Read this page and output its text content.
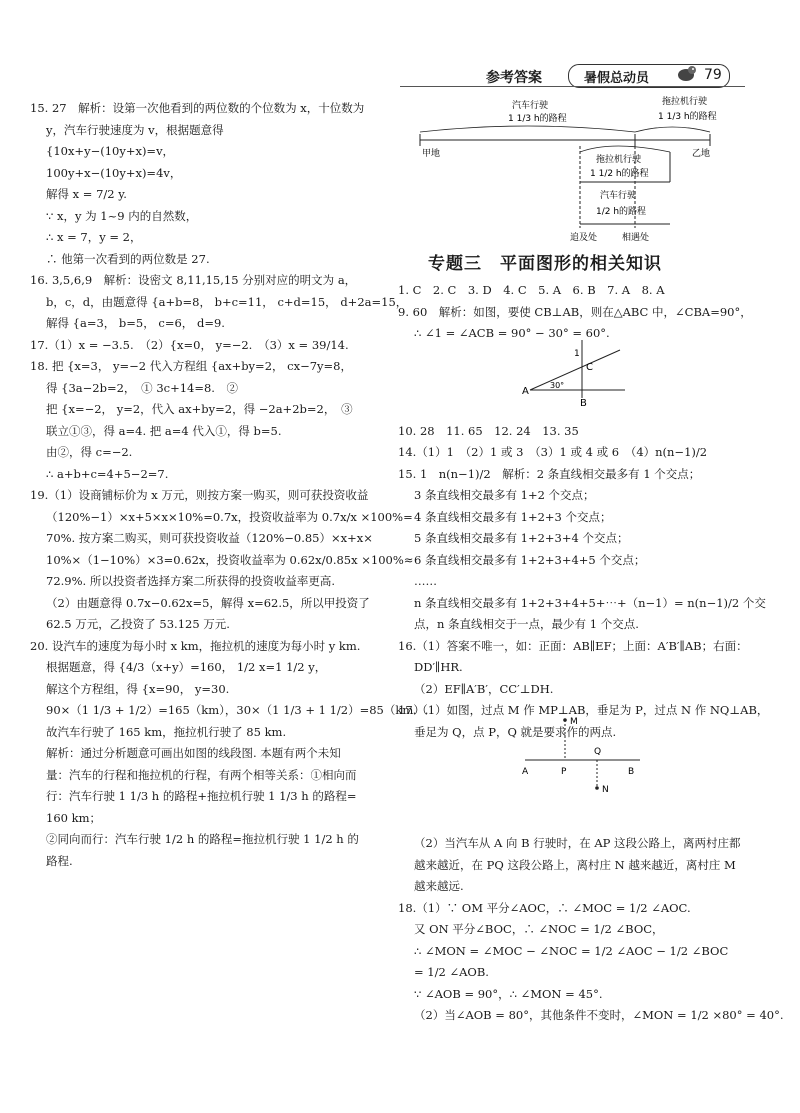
参考答案	暑假总动员	79
汽车行驶
1 1/3 h的路程
拖拉机行驶
1 1/3 h的路程
甲地	乙地
拖拉机行驶
1 1/2 h的路程
汽车行驶
1/2 h的路程
追及处	相遇处
专题三　平面图形的相关知识

15. 27　解析：设第一次他看到的两位数的个位数为 x，十位数为

y，汽车行驶速度为 v，根据题意得

{10x+y−(10y+x)=v，

100y+x−(10y+x)=4v，

解得 x = 7/2 y.

∵ x，y 为 1~9 内的自然数，

∴ x = 7，y = 2，

∴ 他第一次看到的两位数是 27.

16. 3,5,6,9　解析：设密文 8,11,15,15 分别对应的明文为 a，

b，c，d，由题意得 {a+b=8， b+c=11， c+d=15， d+2a=15，

解得 {a=3， b=5， c=6， d=9.

17.（1）x = −3.5.　（2）{x=0， y=−2.　（3）x = 39/14.

18. 把 {x=3， y=−2 代入方程组 {ax+by=2， cx−7y=8，

得 {3a−2b=2，　① 3c+14=8.　②

把 {x=−2， y=2，代入 ax+by=2，得 −2a+2b=2，　③

联立①③，得 a=4. 把 a=4 代入①，得 b=5.

由②，得 c=−2.

∴ a+b+c=4+5−2=7.

19.（1）设商铺标价为 x 万元，则按方案一购买，则可获投资收益

（120%−1）×x+5×x×10%=0.7x，投资收益率为 0.7x/x ×100%=

70%. 按方案二购买，则可获投资收益（120%−0.85）×x+x×

10%×（1−10%）×3=0.62x，投资收益率为 0.62x/0.85x ×100%≈

72.9%. 所以投资者选择方案二所获得的投资收益率更高.

（2）由题意得 0.7x−0.62x=5，解得 x=62.5，所以甲投资了

62.5 万元，乙投资了 53.125 万元.

20. 设汽车的速度为每小时 x km，拖拉机的速度为每小时 y km.

根据题意，得 {4/3（x+y）=160， 1/2 x=1 1/2 y，

解这个方程组，得 {x=90， y=30.

90×（1 1/3 + 1/2）=165（km），30×（1 1/3 + 1 1/2）=85（km）.

故汽车行驶了 165 km，拖拉机行驶了 85 km.

解析：通过分析题意可画出如图的线段图. 本题有两个未知

量：汽车的行程和拖拉机的行程，有两个相等关系：①相向而

行：汽车行驶 1 1/3 h 的路程+拖拉机行驶 1 1/3 h 的路程=

160 km；

②同向而行：汽车行驶 1/2 h 的路程=拖拉机行驶 1 1/2 h 的

路程.

1. C　2. C　3. D　4. C　5. A　6. B　7. A　8. A

9. 60　解析：如图，要使 CB⊥AB，则在△ABC 中，∠CBA=90°，

∴ ∠1 = ∠ACB = 90° − 30° = 60°.

10. 28　11. 65　12. 24　13. 35

14.（1）1　（2）1 或 3　（3）1 或 4 或 6　（4）n(n−1)/2

15. 1　n(n−1)/2　解析：2 条直线相交最多有 1 个交点；

3 条直线相交最多有 1+2 个交点；

4 条直线相交最多有 1+2+3 个交点；

5 条直线相交最多有 1+2+3+4 个交点；

6 条直线相交最多有 1+2+3+4+5 个交点；

……

n 条直线相交最多有 1+2+3+4+5+⋯+（n−1）= n(n−1)/2 个交

点，n 条直线相交于一点，最少有 1 个交点.

16.（1）答案不唯一，如：正面：AB∥EF；上面：A′B′∥AB；右面：

DD′∥HR.

（2）EF∥A′B′，CC′⊥DH.

17.（1）如图，过点 M 作 MP⊥AB，垂足为 P，过点 N 作 NQ⊥AB，

垂足为 Q，点 P，Q 就是要求作的两点.

（2）当汽车从 A 向 B 行驶时，在 AP 这段公路上，离两村庄都

越来越近，在 PQ 这段公路上，离村庄 N 越来越近，离村庄 M

越来越远.

18.（1）∵ OM 平分∠AOC，∴ ∠MOC = 1/2 ∠AOC.

又 ON 平分∠BOC，∴ ∠NOC = 1/2 ∠BOC，

∴ ∠MON = ∠MOC − ∠NOC = 1/2 ∠AOC − 1/2 ∠BOC

= 1/2 ∠AOB.

∵ ∠AOB = 90°，∴ ∠MON = 45°.

（2）当∠AOB = 80°，其他条件不变时，∠MON = 1/2 ×80° = 40°.

A
B
C
1
30°
M
N
A	B
P
Q
